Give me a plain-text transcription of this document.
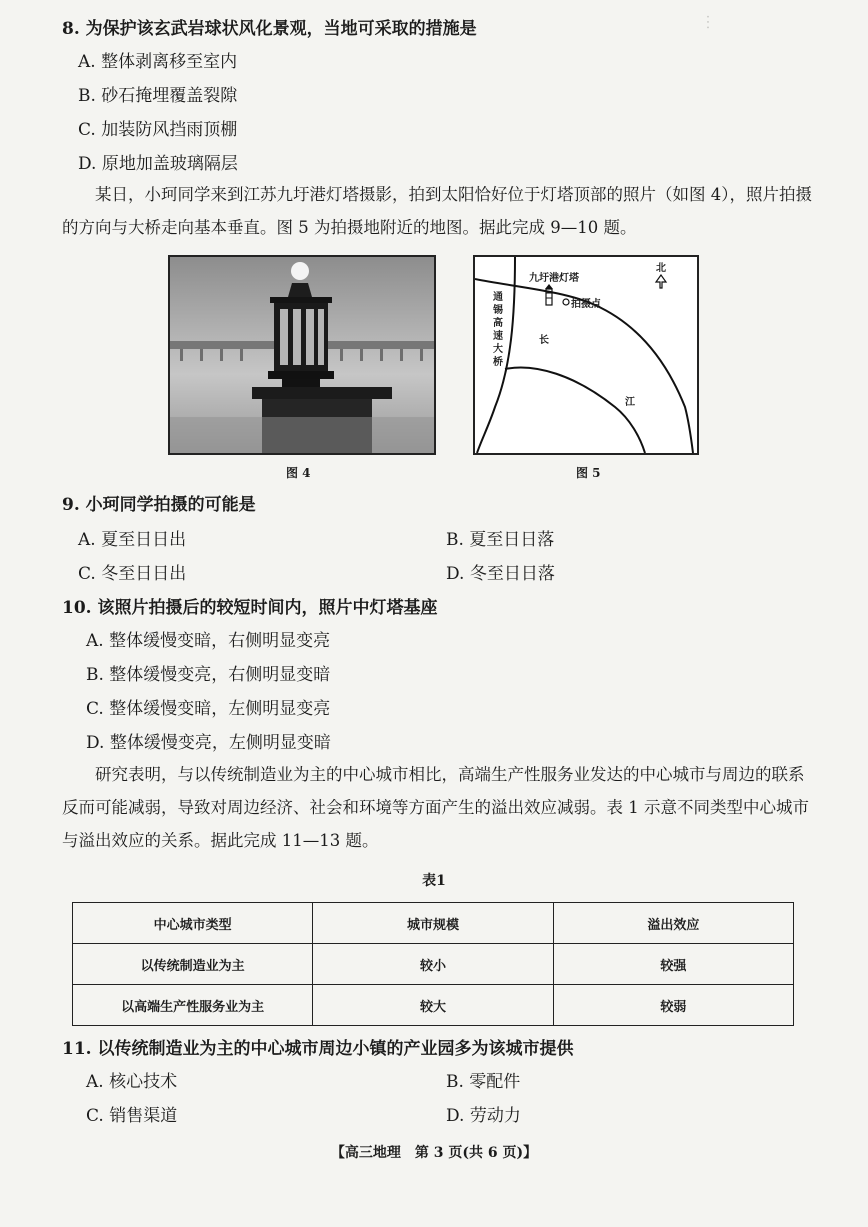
︙
8. 为保护该玄武岩球状风化景观，当地可采取的措施是
A. 整体剥离移至室内
B. 砂石掩埋覆盖裂隙
C. 加装防风挡雨顶棚
D. 原地加盖玻璃隔层
某日，小珂同学来到江苏九圩港灯塔摄影，拍到太阳恰好位于灯塔顶部的照片（如图 4），照片拍摄的方向与大桥走向基本垂直。图 5 为拍摄地附近的地图。据此完成 9—10 题。
图 4
北
九圩港灯塔
拍摄点
通
锡
高
速
大
桥
长
江
图 5
9. 小珂同学拍摄的可能是
A. 夏至日日出	B. 夏至日日落
C. 冬至日日出	D. 冬至日日落
10. 该照片拍摄后的较短时间内，照片中灯塔基座
A. 整体缓慢变暗，右侧明显变亮
B. 整体缓慢变亮，右侧明显变暗
C. 整体缓慢变暗，左侧明显变亮
D. 整体缓慢变亮，左侧明显变暗
研究表明，与以传统制造业为主的中心城市相比，高端生产性服务业发达的中心城市与周边的联系反而可能减弱，导致对周边经济、社会和环境等方面产生的溢出效应减弱。表 1 示意不同类型中心城市与溢出效应的关系。据此完成 11—13 题。
表1
中心城市类型	城市规模	溢出效应
以传统制造业为主	较小	较强
以高端生产性服务业为主	较大	较弱
11. 以传统制造业为主的中心城市周边小镇的产业园多为该城市提供
A. 核心技术	B. 零配件
C. 销售渠道	D. 劳动力
【高三地理　第 3 页(共 6 页)】
